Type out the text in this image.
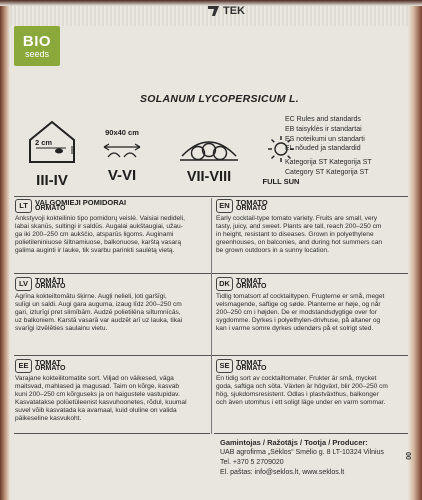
BIO
seeds
TEK
SOLANUM LYCOPERSICUM L.
2 cm
III-IV
90x40 cm
V-VI	VII-VIII	FULL SUN
EC Rules and standards
EB taisyklės ir standartai
ES noteikumi un standarti
EL nõuded ja standardid
Kategorija ST Kategorija ST
Category ST Kategorija ST
LT VALGOMIEJI POMIDORAI
ORMATO
Ankstyvoji kokteilinio tipo pomidorų veislė. Vaisiai nedideli,
labai skanūs, sultingi ir saldūs. Augalai aukštaugiai, užau-
ga iki 200–250 cm aukščio, atsparūs ligoms. Auginami
polietileniniuose šiltnamiuose, balkonuose, karštą vasarą
galima auginti ir lauke, tik svarbu parinkti saulėtą vietą.
EN TOMATO
ORMATO
Early cocktail-type tomato variety. Fruits are small, very
tasty, juicy, and sweet. Plants are tall, reach 200–250 cm
in height, resistant to diseases. Grown in polyethylene
greenhouses, on balconies, and during hot summers can
be grown outdoors in a sunny location.
LV TOMĀTI
ORMATO
Agrīna kokteiltomātu šķirne. Augļi nelieli, ļoti garšīgi,
sulīgi un saldi. Augi gara auguma, izaug līdz 200–250 cm
gari, izturīgi pret slimībām. Audzē polietilēna siltumnīcās,
uz balkoniem. Karstā vasarā var audzēt arī uz lauka, tikai
svarīgi izvēlēties saulainu vietu.
DK TOMAT
ORMATO
Tidlig tomatsort af cocktailtypen. Frugterne er små, meget
velsmagende, saftige og søde. Planterne er høje, og når
200–250 cm i højden. De er modstandsdygtige over for
sygdomme. Dyrkes i polyethylen-drivhuse, på altaner og
kan i varme somre dyrkes udendørs på et solrigt sted.
EE TOMAT
ORMATO
Varajane kokteilitomatite sort. Viljad on väikesed, väga
maitsvad, mahlased ja magusad. Taim on kõrge, kasvab
kuni 200–250 cm kõrguseks ja on haigustele vastupidav.
Kasvatatakse polüetüleenist kasvuhoonetes, rõdul, kuumal
suvel võib kasvatada ka avamaal, kuid oluline on valida
päikeseline kasvukoht.
SE TOMAT
ORMATO
En tidig sort av cocktailtomater. Frukter är små, mycket
goda, saftiga och söta. Växten är högväxt, blir 200–250 cm
hög, sjukdomsresistent. Odlas i plastväxthus, balkonger
och även utomhus i ett soligt läge under en varm sommar.
Gamintojas / Ražotājs / Tootja / Producer:
UAB agrofirma „Sėklos“ Smėlio g. 8 LT-10324 Vilnius
Tel. +370 5 2709020
El. paštas: info@seklos.lt, www.seklos.lt
00
